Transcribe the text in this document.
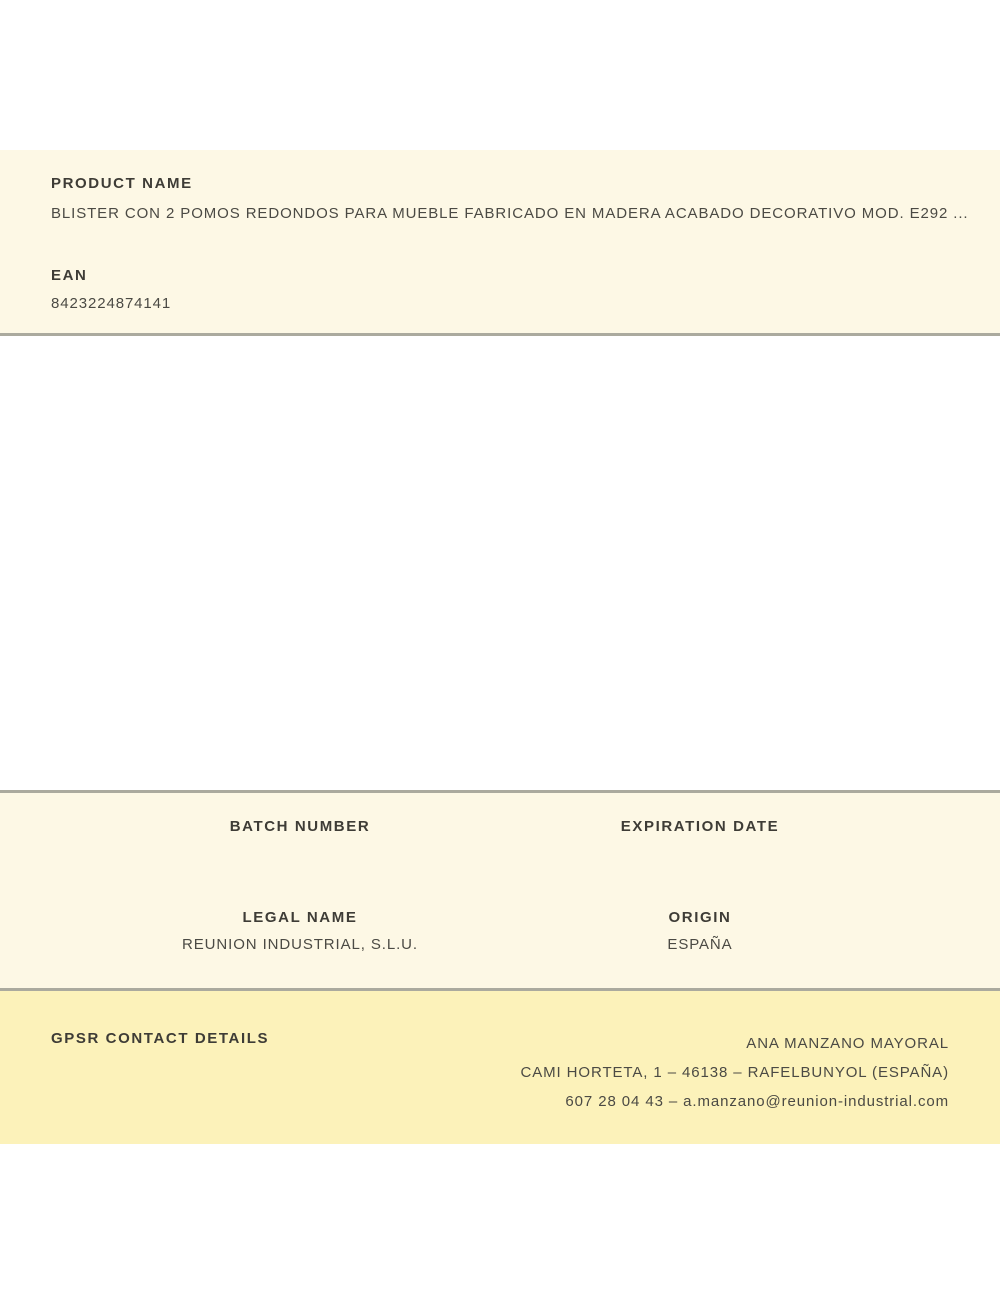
PRODUCT NAME
BLISTER CON 2 POMOS REDONDOS PARA MUEBLE FABRICADO EN MADERA ACABADO DECORATIVO MOD. E292 ...
EAN
8423224874141
BATCH NUMBER
LEGAL NAME
REUNION INDUSTRIAL, S.L.U.
EXPIRATION DATE
ORIGIN
ESPAÑA
GPSR CONTACT DETAILS	ANA MANZANO MAYORAL
CAMI HORTETA, 1 – 46138 – RAFELBUNYOL (ESPAÑA)
607 28 04 43 – a.manzano@reunion-industrial.com
